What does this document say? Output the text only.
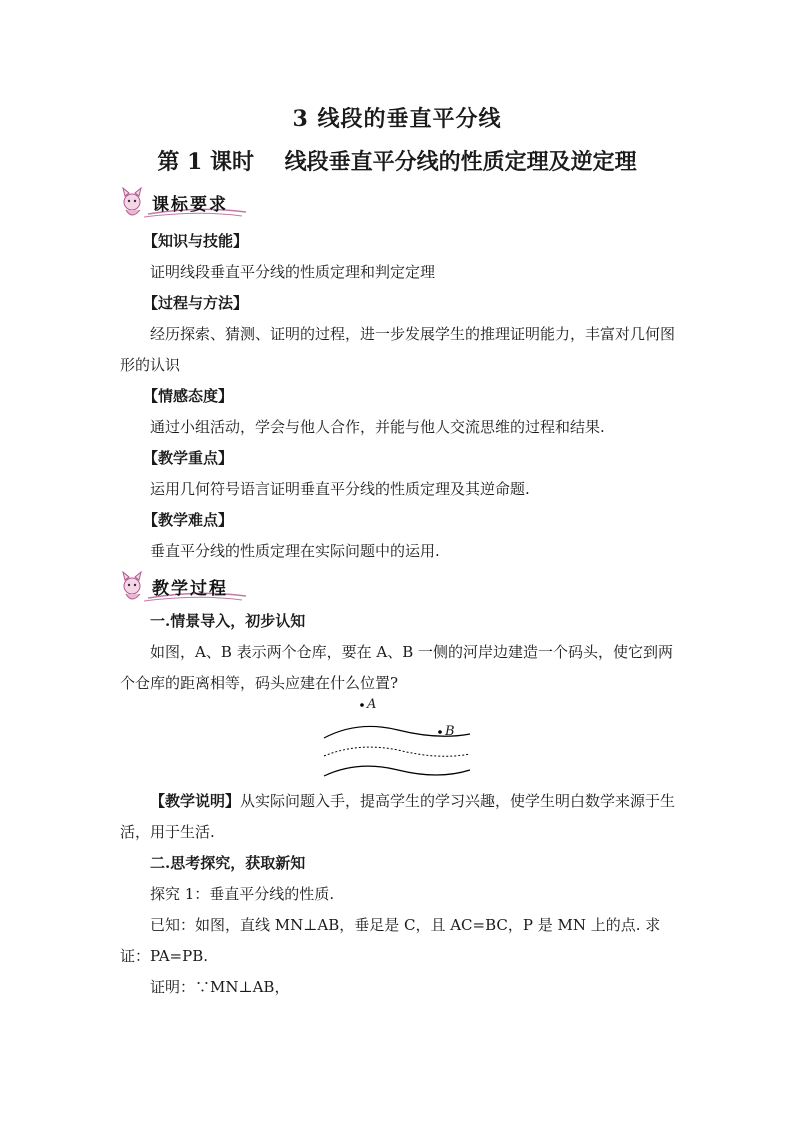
3 线段的垂直平分线
第 1 课时    线段垂直平分线的性质定理及逆定理
课标要求
【知识与技能】
证明线段垂直平分线的性质定理和判定定理
【过程与方法】
经历探索、猜测、证明的过程，进一步发展学生的推理证明能力，丰富对几何图形的认识
【情感态度】
通过小组活动，学会与他人合作，并能与他人交流思维的过程和结果.
【教学重点】
运用几何符号语言证明垂直平分线的性质定理及其逆命题.
【教学难点】
垂直平分线的性质定理在实际问题中的运用.
教学过程
一.情景导入，初步认知
如图，A、B 表示两个仓库，要在 A、B 一侧的河岸边建造一个码头，使它到两个仓库的距离相等，码头应建在什么位置?
A
B
【教学说明】从实际问题入手，提高学生的学习兴趣，使学生明白数学来源于生活，用于生活.
二.思考探究，获取新知
探究 1：垂直平分线的性质.
已知：如图，直线 MN⊥AB，垂足是 C，且 AC=BC，P 是 MN 上的点. 求证：PA=PB.
证明：∵MN⊥AB，
